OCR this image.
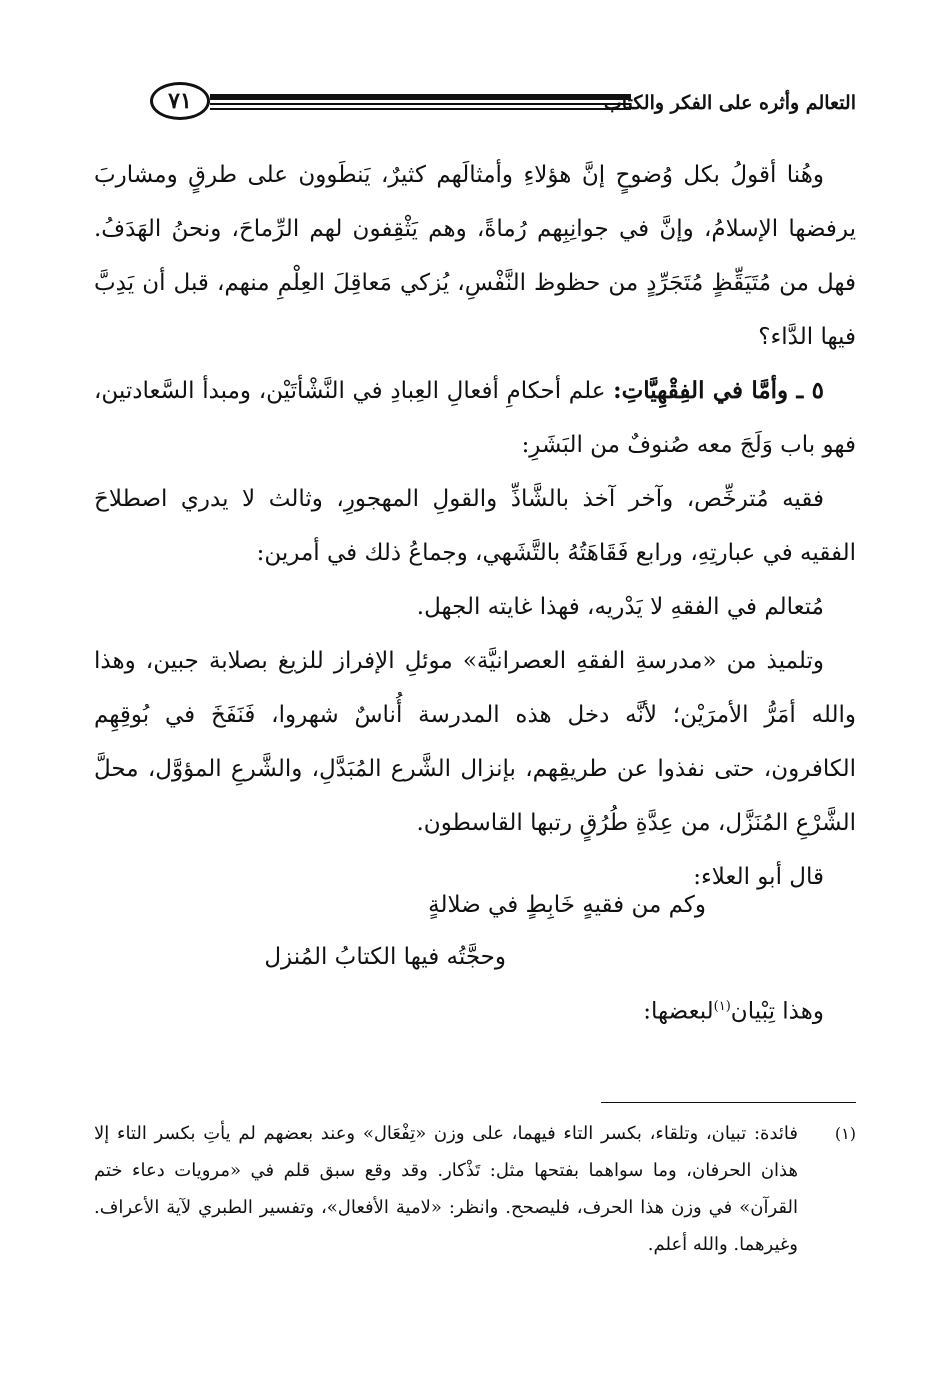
التعالم وأثره على الفكر والكتاب
٧١

وهُنا أقولُ بكل وُضوحٍ إنَّ هؤلاءِ وأمثالَهم كثيرٌ، يَنطَوون على طرقٍ ومشاربَ يرفضها الإسلامُ، وإنَّ في جوانِبِهم رُماةً، وهم يَثْقِفون لهم الرِّماحَ، ونحنُ الهَدَفُ. فهل من مُتَيَقِّظٍ مُتَجَرِّدٍ من حظوظ النَّفْسِ، يُزكي مَعاقِلَ العِلْمِ منهم، قبل أن يَدِبَّ فيها الدَّاء؟

٥ ـ وأمَّا في الفِقْهِيَّاتِ: علم أحكامِ أفعالِ العِبادِ في النَّشْأتَيْن، ومبدأ السَّعادتين، فهو باب وَلَجَ معه صُنوفٌ من البَشَرِ:

فقيه مُترخِّص، وآخر آخذ بالشَّاذِّ والقولِ المهجورِ، وثالث لا يدري اصطلاحَ الفقيه في عبارتِهِ، ورابع فَقَاهَتُهُ بالتَّشَهي، وجماعُ ذلك في أمرين:

مُتعالم في الفقهِ لا يَدْريه، فهذا غايته الجهل.

وتلميذ من «مدرسةِ الفقهِ العصرانيَّة» موئلِ الإفراز للزيغ بصلابة جبين، وهذا والله أمَرُّ الأمرَيْن؛ لأنَّه دخل هذه المدرسة أُناسٌ شهروا، فَنَفَخَ في بُوقِهِم الكافرون، حتى نفذوا عن طريقِهم، بإنزال الشَّرع المُبَدَّلِ، والشَّرعِ المؤوَّل، محلَّ الشَّرْعِ المُنَزَّل، من عِدَّةِ طُرُقٍ رتبها القاسطون.

قال أبو العلاء:

وكم من فقيهٍ خَابِطٍ في ضلالةٍ
وحجَّتُه فيها الكتابُ المُنزل
وهذا تِبْيان$^{(١)}$لبعضها:
(١)
فائدة: تبيان، وتلقاء، بكسر التاء فيهما، على وزن «تِفْعَال» وعند بعضهم لم يأتِ بكسر التاء إلا هذان الحرفان، وما سواهما بفتحها مثل: تَذْكار. وقد وقع سبق قلم في «مرويات دعاء ختم القرآن» في وزن هذا الحرف، فليصحح. وانظر: «لامية الأفعال»، وتفسير الطبري لآية الأعراف. وغيرهما. والله أعلم.
